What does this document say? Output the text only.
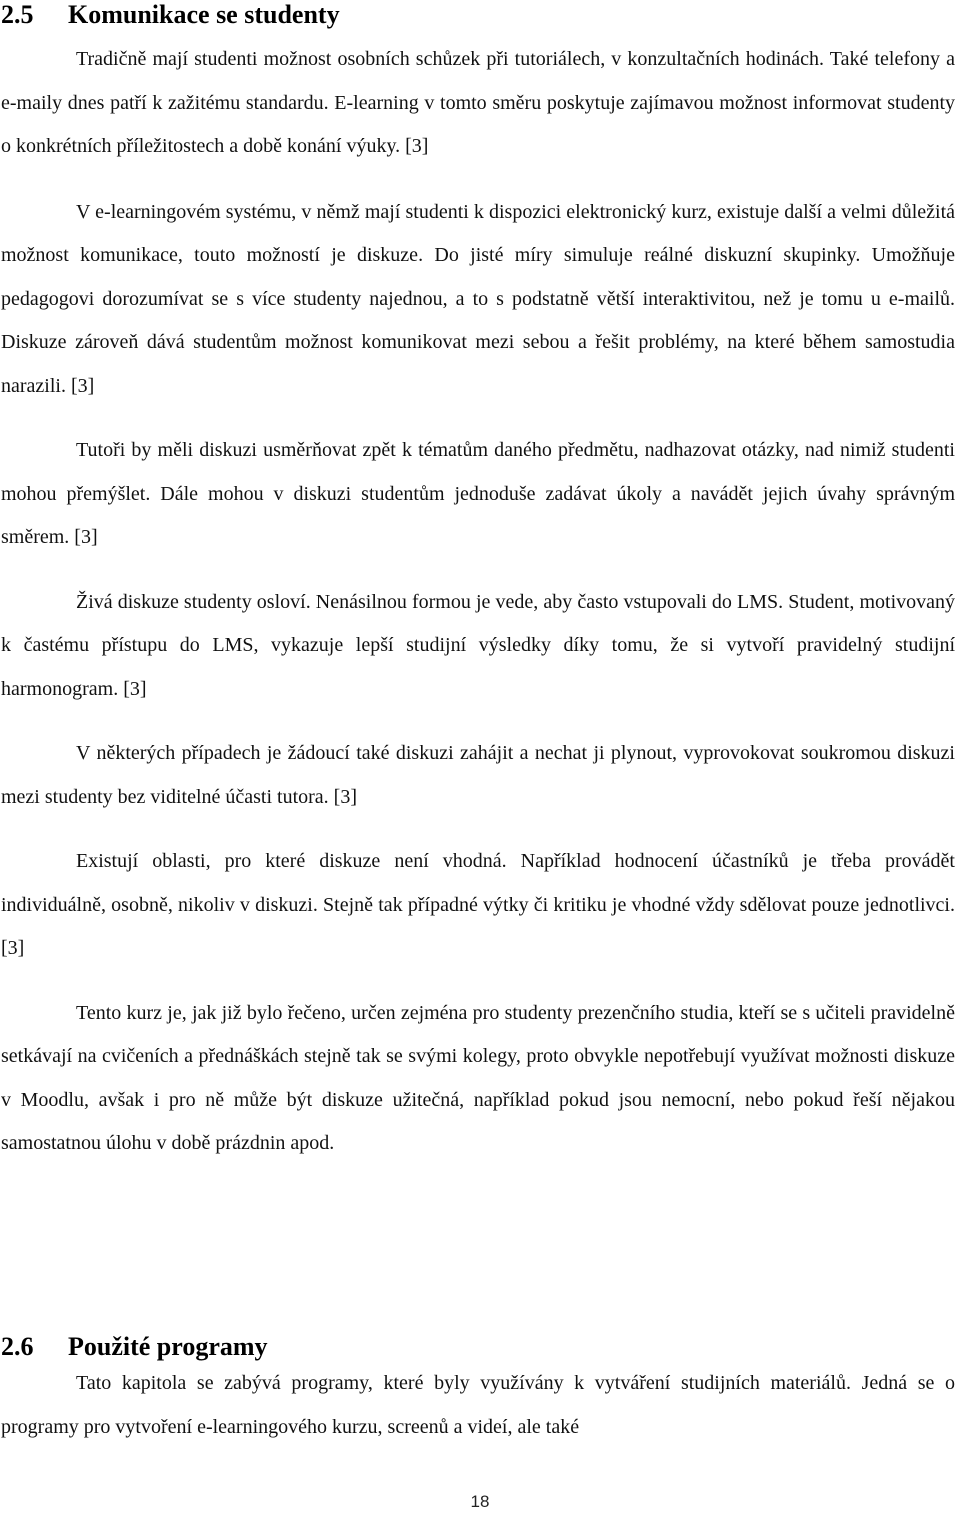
2.5 Komunikace se studenty

Tradičně mají studenti možnost osobních schůzek při tutoriálech, v konzultačních hodinách. Také telefony a e-maily dnes patří k zažitému standardu. E-learning v tomto směru poskytuje zajímavou možnost informovat studenty o konkrétních příležitostech a době konání výuky. [3]

V e-learningovém systému, v němž mají studenti k dispozici elektronický kurz, existuje další a velmi důležitá možnost komunikace, touto možností je diskuze. Do jisté míry simuluje reálné diskuzní skupinky. Umožňuje pedagogovi dorozumívat se s více studenty najednou, a to s podstatně větší interaktivitou, než je tomu u e-mailů. Diskuze zároveň dává studentům možnost komunikovat mezi sebou a řešit problémy, na které během samostudia narazili. [3]

Tutoři by měli diskuzi usměrňovat zpět k tématům daného předmětu, nadhazovat otázky, nad nimiž studenti mohou přemýšlet. Dále mohou v diskuzi studentům jednoduše zadávat úkoly a navádět jejich úvahy správným směrem. [3]

Živá diskuze studenty osloví. Nenásilnou formou je vede, aby často vstupovali do LMS. Student, motivovaný k častému přístupu do LMS, vykazuje lepší studijní výsledky díky tomu, že si vytvoří pravidelný studijní harmonogram. [3]

V některých případech je žádoucí také diskuzi zahájit a nechat ji plynout, vyprovokovat soukromou diskuzi mezi studenty bez viditelné účasti tutora. [3]

Existují oblasti, pro které diskuze není vhodná. Například hodnocení účastníků je třeba provádět individuálně, osobně, nikoliv v diskuzi. Stejně tak případné výtky či kritiku je vhodné vždy sdělovat pouze jednotlivci. [3]

Tento kurz je, jak již bylo řečeno, určen zejména pro studenty prezenčního studia, kteří se s učiteli pravidelně setkávají na cvičeních a přednáškách stejně tak se svými kolegy, proto obvykle nepotřebují využívat možnosti diskuze v Moodlu, avšak i pro ně může být diskuze užitečná, například pokud jsou nemocní, nebo pokud řeší nějakou samostatnou úlohu v době prázdnin apod.

2.6 Použité programy

Tato kapitola se zabývá programy, které byly využívány k vytváření studijních materiálů. Jedná se o programy pro vytvoření e-learningového kurzu, screenů a videí, ale také

18
